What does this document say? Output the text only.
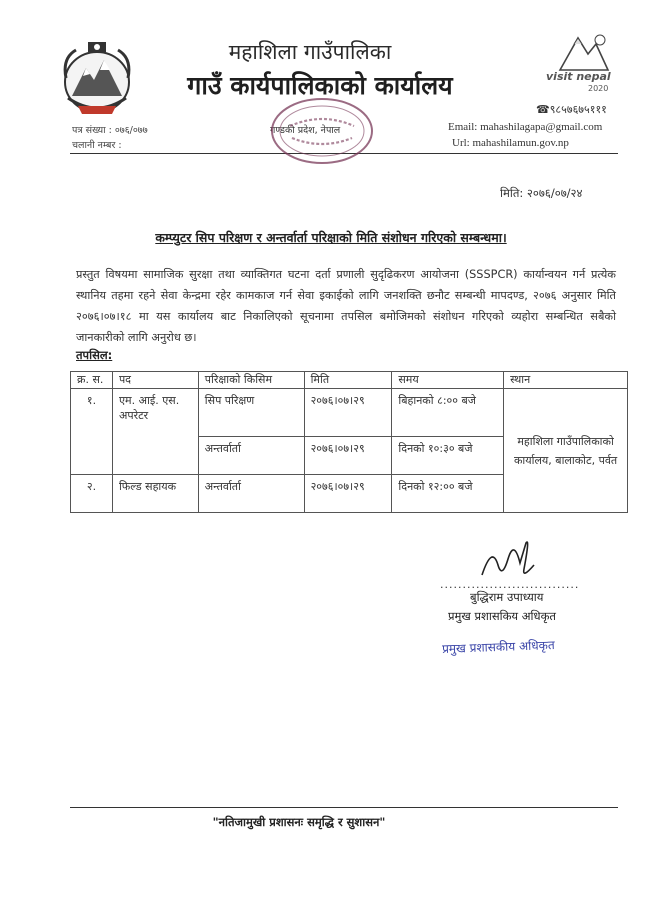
महाशिला गाउँपालिका
गाउँ कार्यपालिकाको कार्यालय	visit nepal
2020
☎९८५७६७५१११
पत्र संख्या : ०७६/०७७
चलानी नम्बर :
गण्डकी प्रदेश, नेपाल	Email: mahashilagapa@gmail.com
Url: mahashilamun.gov.np
मिति: २०७६/०७/२४
कम्प्युटर सिप परिक्षण र अन्तर्वार्ता परिक्षाको मिति संशोधन गरिएको सम्बन्धमा।
प्रस्तुत विषयमा सामाजिक सुरक्षा तथा व्याक्तिगत घटना दर्ता प्रणाली सुदृढिकरण आयोजना (SSSPCR) कार्यान्वयन गर्न प्रत्येक स्थानिय तहमा रहने सेवा केन्द्रमा रहेर कामकाज गर्न सेवा इकाईको लागि जनशक्ति छनौट सम्बन्धी मापदण्ड, २०७६ अनुसार मिति २०७६।०७।१८ मा यस कार्यालय बाट निकालिएको सूचनामा तपसिल बमोजिमको संशोधन गरिएको व्यहोरा सम्बन्धित सबैको जानकारीको लागि अनुरोध छ।
तपसिल:
क्र. स.	पद	परिक्षाको किसिम	मिति	समय	स्थान
१.	एम. आई. एस. अपरेटर	सिप परिक्षण	२०७६।०७।२९	बिहानको ८:०० बजे	महाशिला गाउँपालिकाको कार्यालय, बालाकोट, पर्वत
		अन्तर्वार्ता	२०७६।०७।२९	दिनको १०:३० बजे	
२.	फिल्ड सहायक	अन्तर्वार्ता	२०७६।०७।२९	दिनको १२:०० बजे	
...............................
बुद्धिराम उपाध्याय
प्रमुख प्रशासकिय अधिकृत
प्रमुख प्रशासकीय अधिकृत
"नतिजामुखी प्रशासनः समृद्धि र सुशासन"
